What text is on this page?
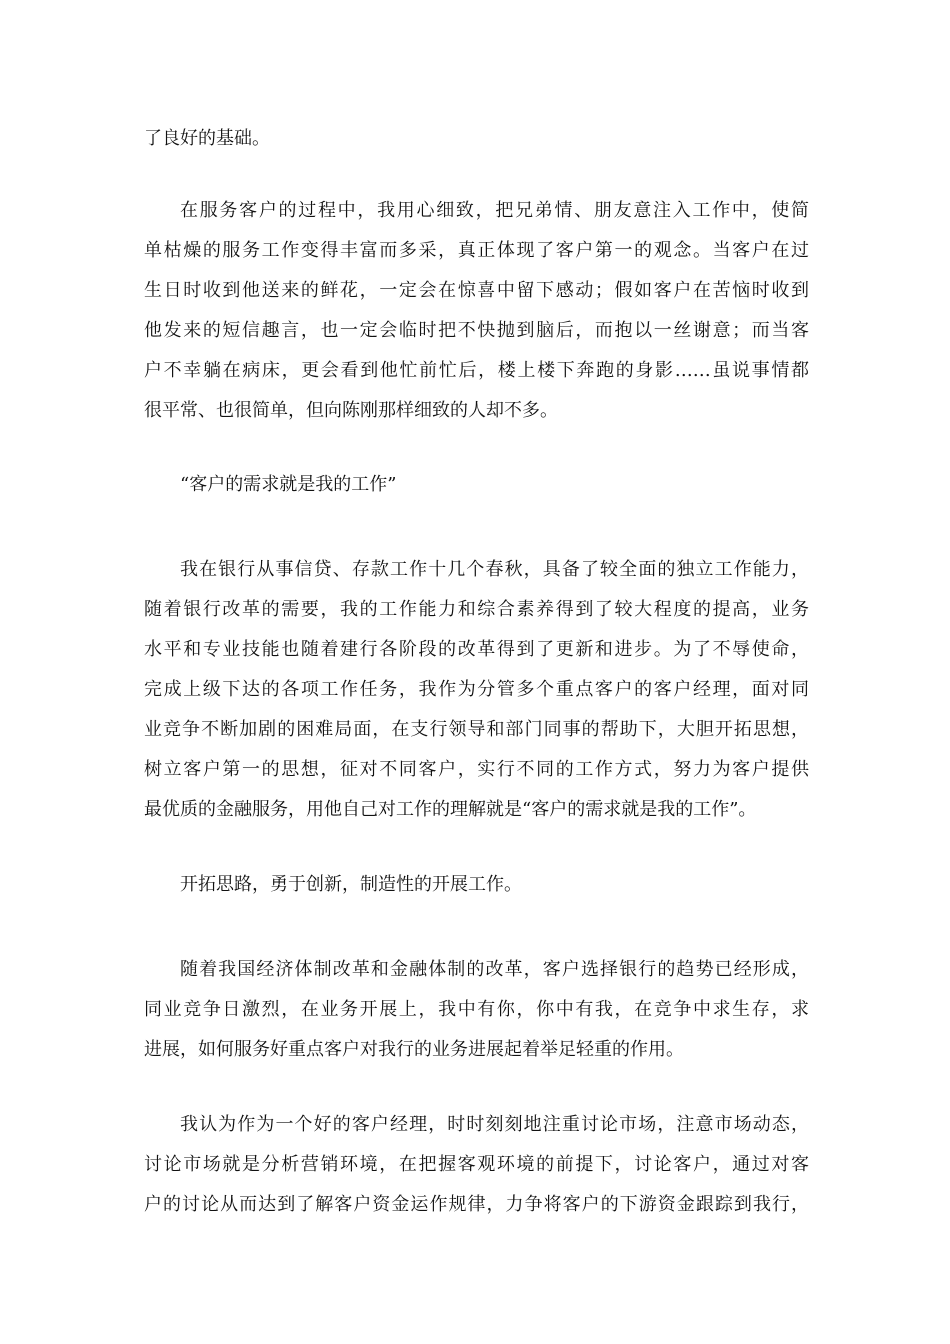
了良好的基础。
在服务客户的过程中，我用心细致，把兄弟情、朋友意注入工作中，使简
单枯燥的服务工作变得丰富而多采，真正体现了客户第一的观念。当客户在过
生日时收到他送来的鲜花，一定会在惊喜中留下感动；假如客户在苦恼时收到
他发来的短信趣言，也一定会临时把不快抛到脑后，而抱以一丝谢意；而当客
户不幸躺在病床，更会看到他忙前忙后，楼上楼下奔跑的身影……虽说事情都
很平常、也很简单，但向陈刚那样细致的人却不多。
“客户的需求就是我的工作”
我在银行从事信贷、存款工作十几个春秋，具备了较全面的独立工作能力，
随着银行改革的需要，我的工作能力和综合素养得到了较大程度的提高，业务
水平和专业技能也随着建行各阶段的改革得到了更新和进步。为了不辱使命，
完成上级下达的各项工作任务，我作为分管多个重点客户的客户经理，面对同
业竞争不断加剧的困难局面，在支行领导和部门同事的帮助下，大胆开拓思想，
树立客户第一的思想，征对不同客户，实行不同的工作方式，努力为客户提供
最优质的金融服务，用他自己对工作的理解就是“客户的需求就是我的工作”。
开拓思路，勇于创新，制造性的开展工作。
随着我国经济体制改革和金融体制的改革，客户选择银行的趋势已经形成，
同业竞争日激烈，在业务开展上，我中有你，你中有我，在竞争中求生存，求
进展，如何服务好重点客户对我行的业务进展起着举足轻重的作用。
我认为作为一个好的客户经理，时时刻刻地注重讨论市场，注意市场动态，
讨论市场就是分析营销环境，在把握客观环境的前提下，讨论客户，通过对客
户的讨论从而达到了解客户资金运作规律，力争将客户的下游资金跟踪到我行，
